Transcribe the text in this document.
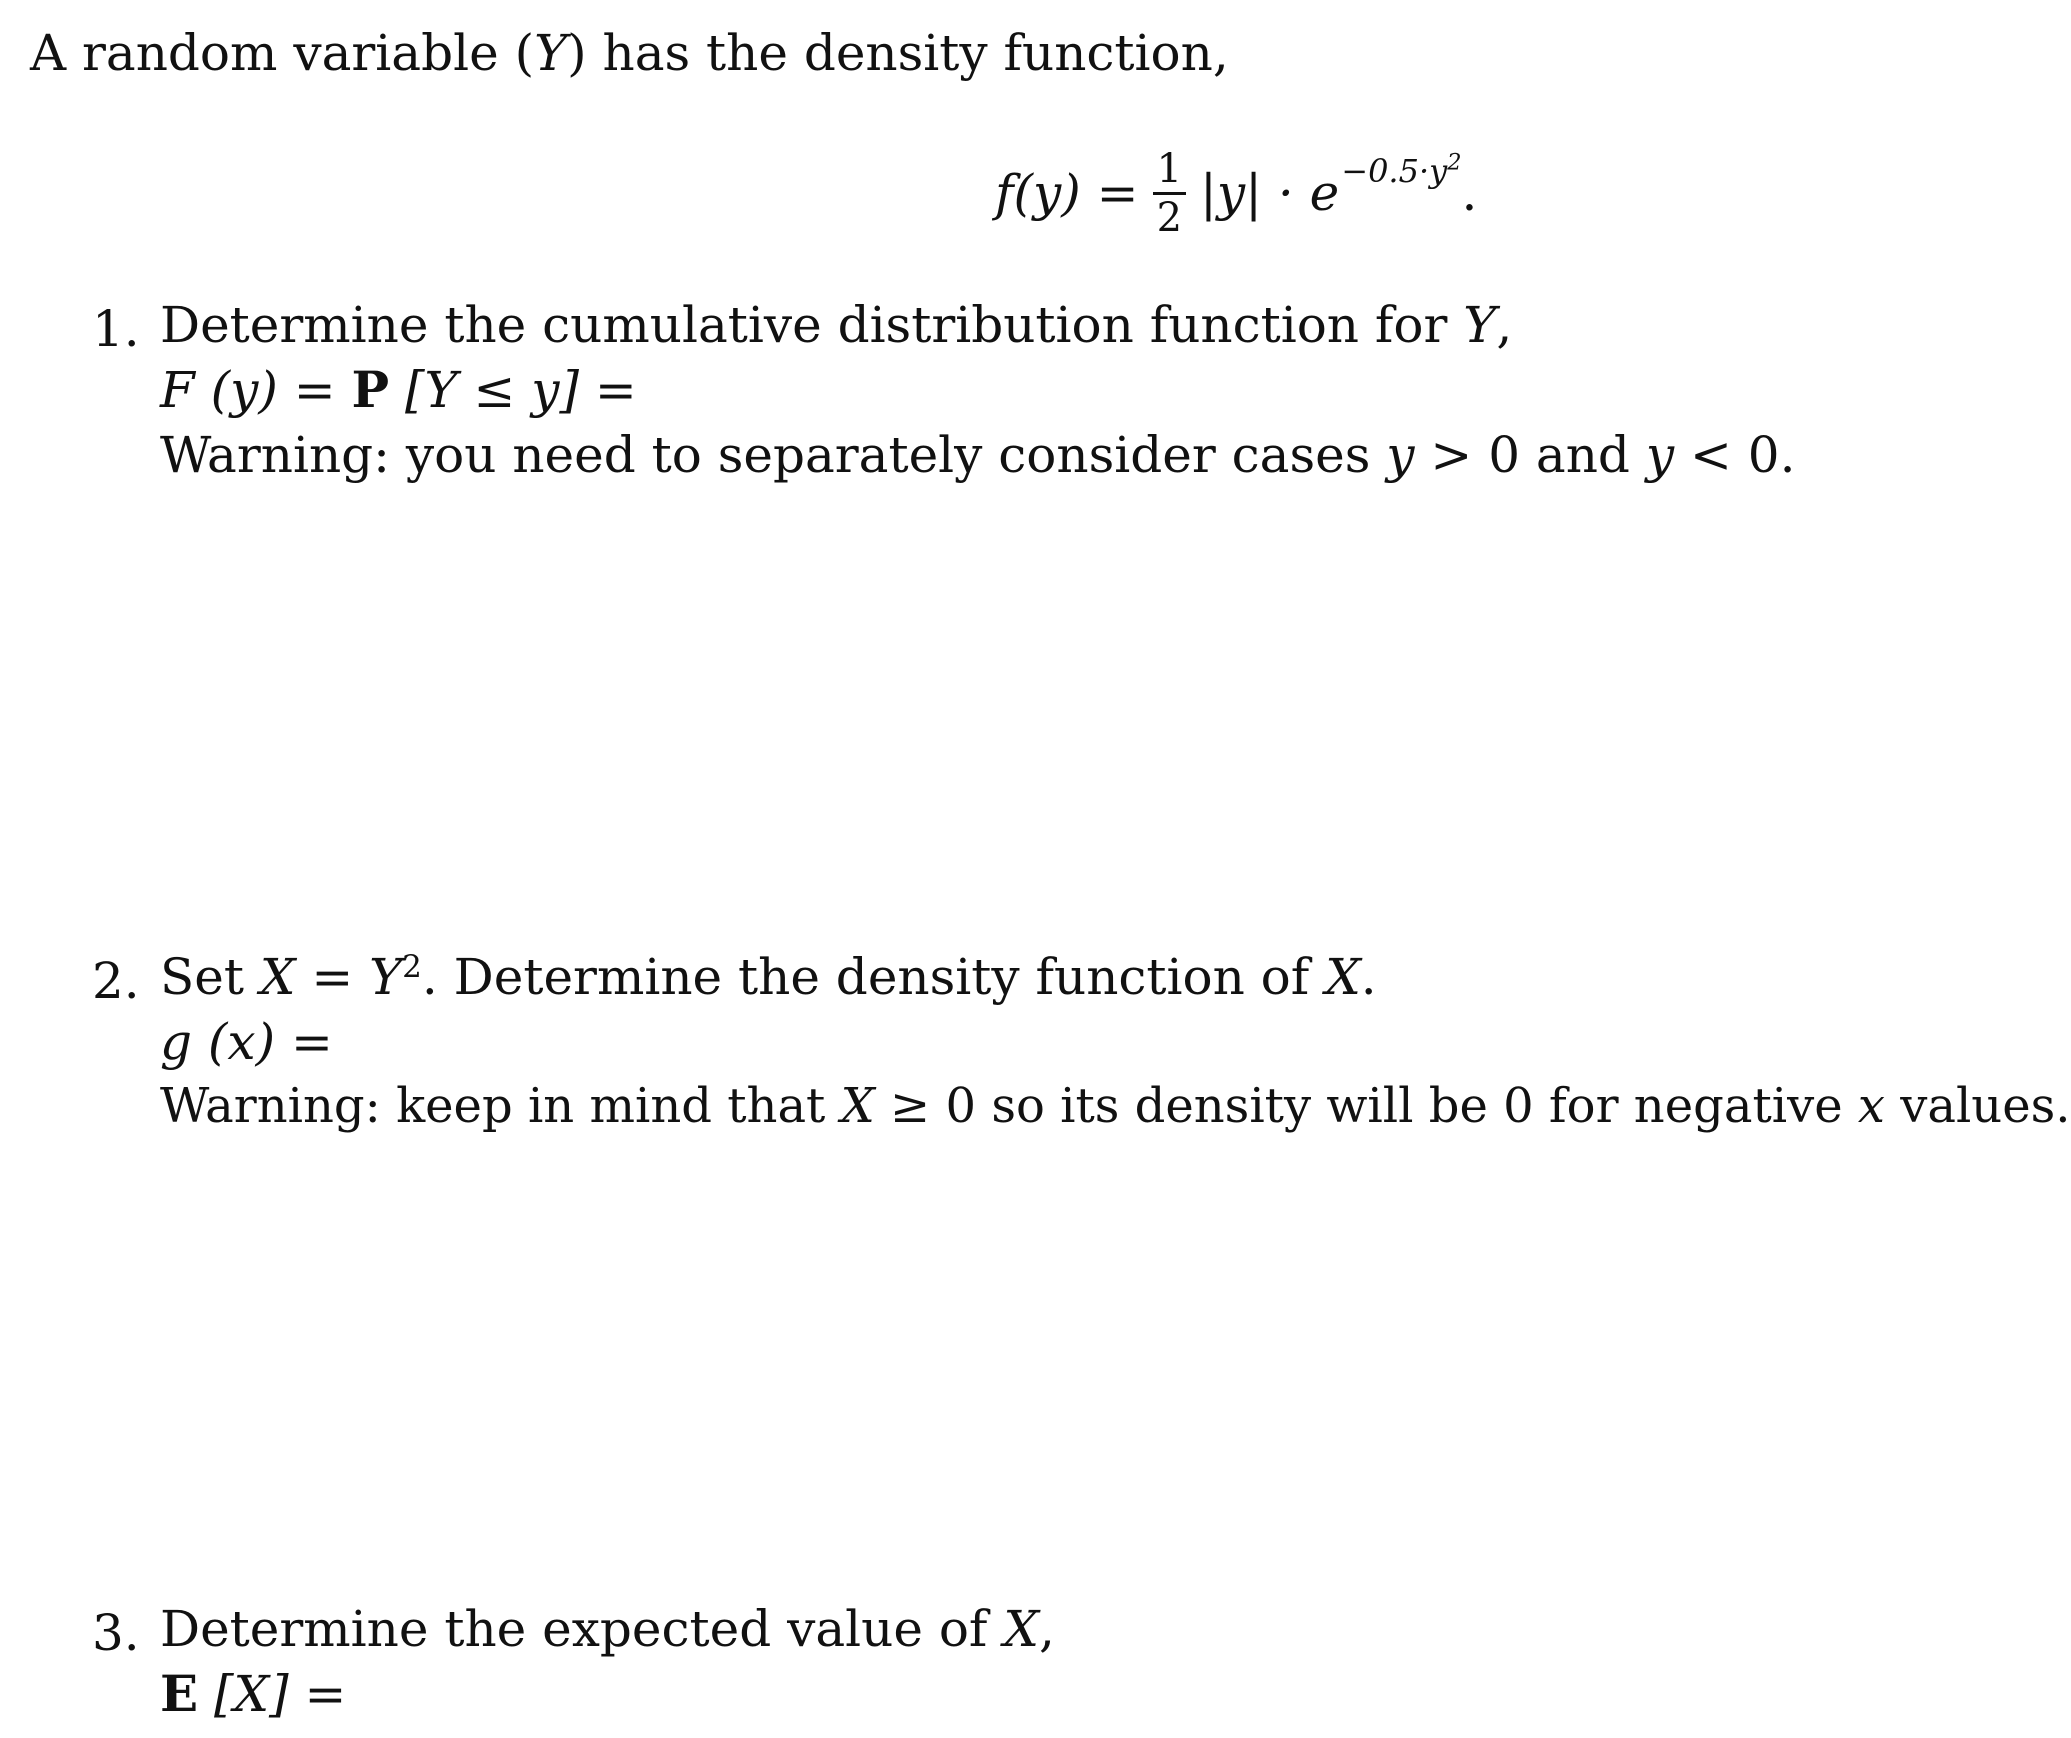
A random variable (Y) has the density function,
f $(y) = \frac{1}{2} |y| \cdot e -0.5\cdot y^2$
.
1. Determine the cumulative distribution function for Y,
F (y) = P [Y ≤ y] =
Warning: you need to separately consider cases y > 0 and y < 0.
2. Set $X = Y^2$. Determine the density function of X.
g (x) =
Warning: keep in mind that X ≥ 0 so its density will be 0 for negative x values.
3. Determine the expected value of X,
E [X] =
